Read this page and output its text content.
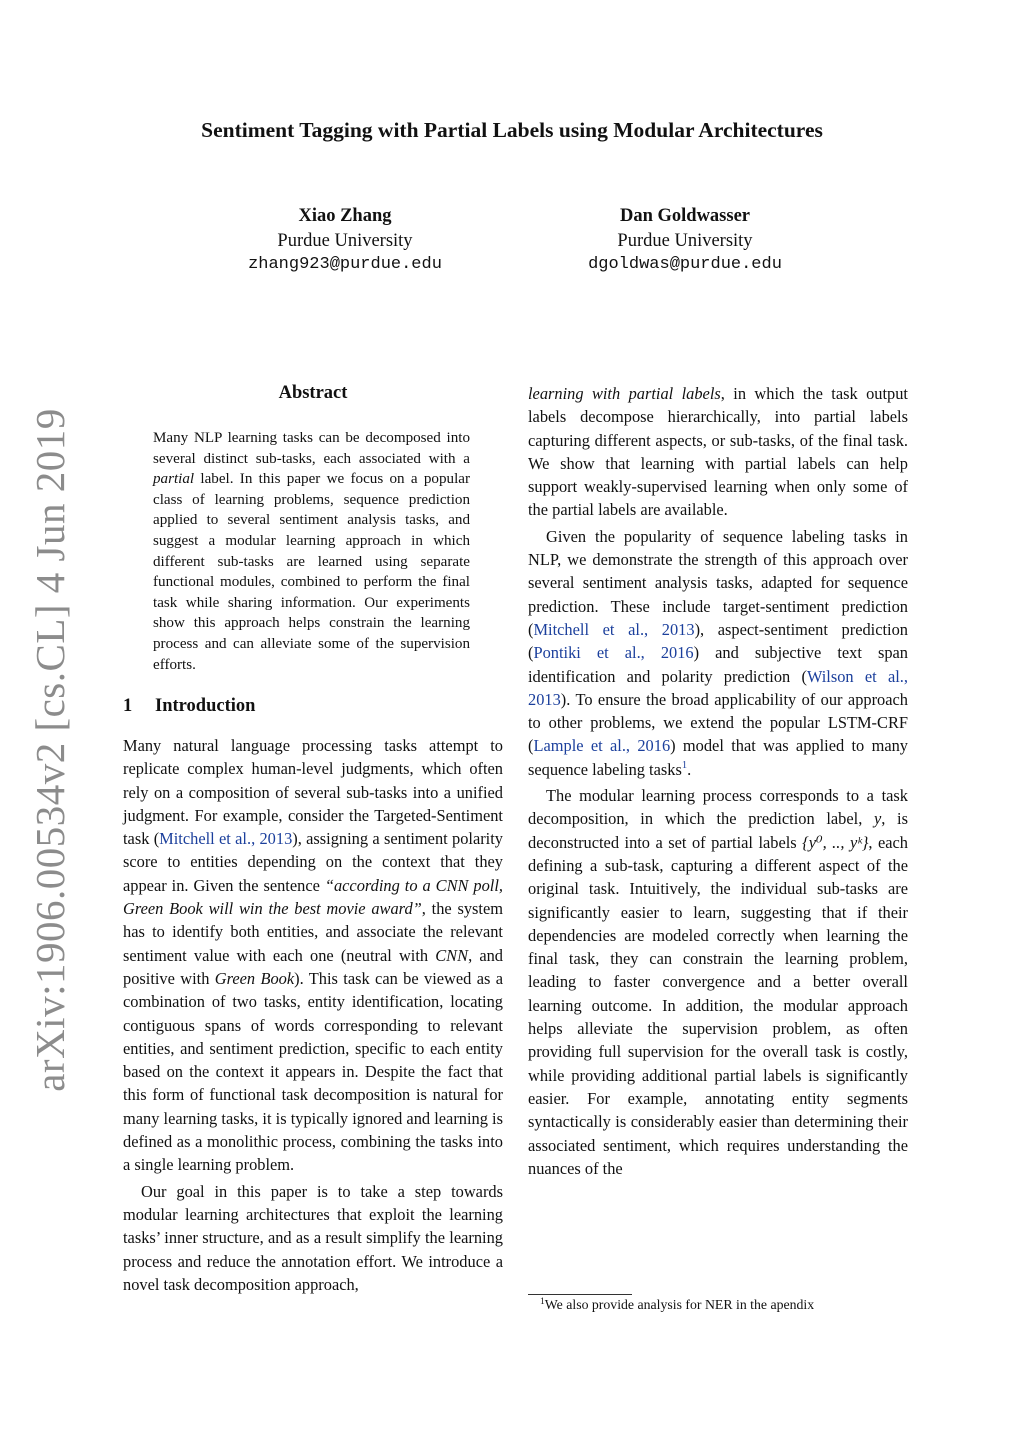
arXiv:1906.00534v2 [cs.CL] 4 Jun 2019
Sentiment Tagging with Partial Labels using Modular Architectures
Xiao Zhang
Purdue University
zhang923@purdue.edu
Dan Goldwasser
Purdue University
dgoldwas@purdue.edu
Abstract
Many NLP learning tasks can be decomposed into several distinct sub-tasks, each associated with a partial label. In this paper we focus on a popular class of learning problems, sequence prediction applied to several sentiment analysis tasks, and suggest a modular learning approach in which different sub-tasks are learned using separate functional modules, combined to perform the final task while sharing information. Our experiments show this approach helps constrain the learning process and can alleviate some of the supervision efforts.
1 Introduction

Many natural language processing tasks attempt to replicate complex human-level judgments, which often rely on a composition of several sub-tasks into a unified judgment. For example, consider the Targeted-Sentiment task (Mitchell et al., 2013), assigning a sentiment polarity score to entities depending on the context that they appear in. Given the sentence “according to a CNN poll, Green Book will win the best movie award”, the system has to identify both entities, and associate the relevant sentiment value with each one (neutral with CNN, and positive with Green Book). This task can be viewed as a combination of two tasks, entity identification, locating contiguous spans of words corresponding to relevant entities, and sentiment prediction, specific to each entity based on the context it appears in. Despite the fact that this form of functional task decomposition is natural for many learning tasks, it is typically ignored and learning is defined as a monolithic process, combining the tasks into a single learning problem.

Our goal in this paper is to take a step towards modular learning architectures that exploit the learning tasks’ inner structure, and as a result simplify the learning process and reduce the annotation effort. We introduce a novel task decomposition approach,

learning with partial labels, in which the task output labels decompose hierarchically, into partial labels capturing different aspects, or sub-tasks, of the final task. We show that learning with partial labels can help support weakly-supervised learning when only some of the partial labels are available.

Given the popularity of sequence labeling tasks in NLP, we demonstrate the strength of this approach over several sentiment analysis tasks, adapted for sequence prediction. These include target-sentiment prediction (Mitchell et al., 2013), aspect-sentiment prediction (Pontiki et al., 2016) and subjective text span identification and polarity prediction (Wilson et al., 2013). To ensure the broad applicability of our approach to other problems, we extend the popular LSTM-CRF (Lample et al., 2016) model that was applied to many sequence labeling tasks$^1$.

The modular learning process corresponds to a task decomposition, in which the prediction label, y, is deconstructed into a set of partial labels {y⁰, .., yᵏ}, each defining a sub-task, capturing a different aspect of the original task. Intuitively, the individual sub-tasks are significantly easier to learn, suggesting that if their dependencies are modeled correctly when learning the final task, they can constrain the learning problem, leading to faster convergence and a better overall learning outcome. In addition, the modular approach helps alleviate the supervision problem, as often providing full supervision for the overall task is costly, while providing additional partial labels is significantly easier. For example, annotating entity segments syntactically is considerably easier than determining their associated sentiment, which requires understanding the nuances of the

$^1$We also provide analysis for NER in the apendix
